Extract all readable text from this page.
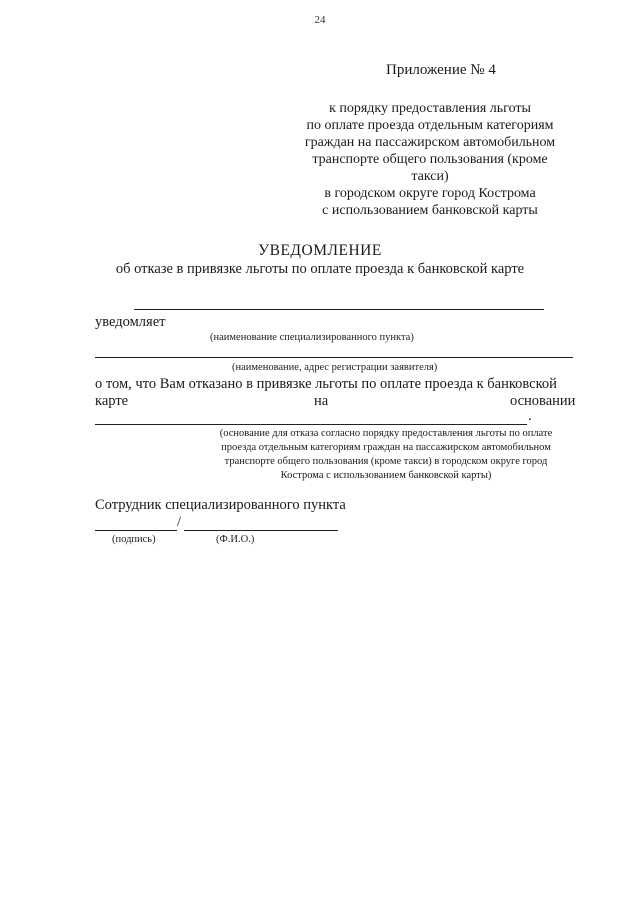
24
Приложение № 4
к порядку предоставления льготы
по оплате проезда отдельным категориям
граждан на пассажирском автомобильном
транспорте общего пользования (кроме
такси)
в городском округе город Кострома
с использованием банковской карты
УВЕДОМЛЕНИЕ
об отказе в привязке льготы по оплате проезда к банковской карте
уведомляет
(наименование специализированного пункта)
(наименование, адрес регистрации заявителя)
о том, что Вам отказано в привязке льготы по оплате проезда к банковской
карте	на	основании
.
(основание для отказа согласно порядку предоставления льготы по оплате
проезда отдельным категориям граждан на пассажирском автомобильном
транспорте общего пользования (кроме такси) в городском округе город
Кострома с использованием банковской карты)
Сотрудник специализированного пункта
/
(подпись)	(Ф.И.О.)
